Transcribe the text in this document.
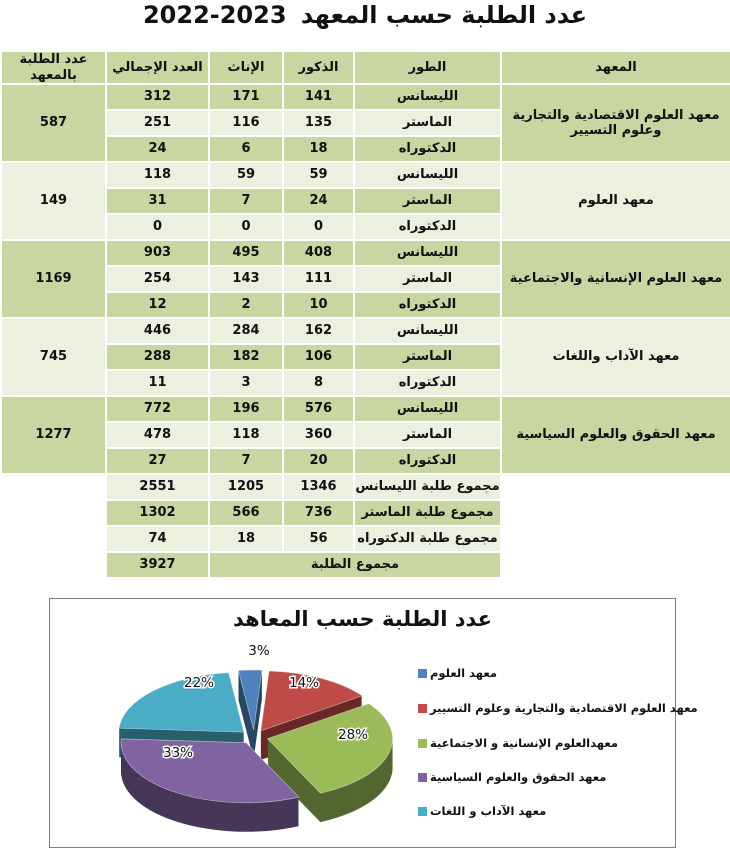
عدد الطلبة حسب المعهد 2023-2022
المعهد	الطور	الذكور	الإناث	العدد الإجمالي	عدد الطلبة بالمعهد
معهد العلوم الاقتصادية والتجارية وعلوم التسيير	الليسانس	141	171	312	587
	الماستر	135	116	251	
	الدكتوراه	18	6	24	
معهد العلوم	الليسانس	59	59	118	149
	الماستر	24	7	31	
	الدكتوراه	0	0	0	
معهد العلوم الإنسانية والاجتماعية	الليسانس	408	495	903	1169
	الماستر	111	143	254	
	الدكتوراه	10	2	12	
معهد الآداب واللغات	الليسانس	162	284	446	745
	الماستر	106	182	288	
	الدكتوراه	8	3	11	
معهد الحقوق والعلوم السياسية	الليسانس	576	196	772	1277
	الماستر	360	118	478	
	الدكتوراه	20	7	27	
	مجموع طلبة الليسانس	1346	1205	2551	
	مجموع طلبة الماستر	736	566	1302	
	مجموع طلبة الدكتوراه	56	18	74	
	مجموع الطلبة			3927	
3%
14%
28%
33%
22%
عدد الطلبة حسب المعاهد
معهد العلوم
معهد العلوم الاقتصادية والتجارية وعلوم التسيير
معهدالعلوم الإنسانية و الاجتماعية
معهد الحقوق والعلوم السياسية
معهد الآداب و اللغات
